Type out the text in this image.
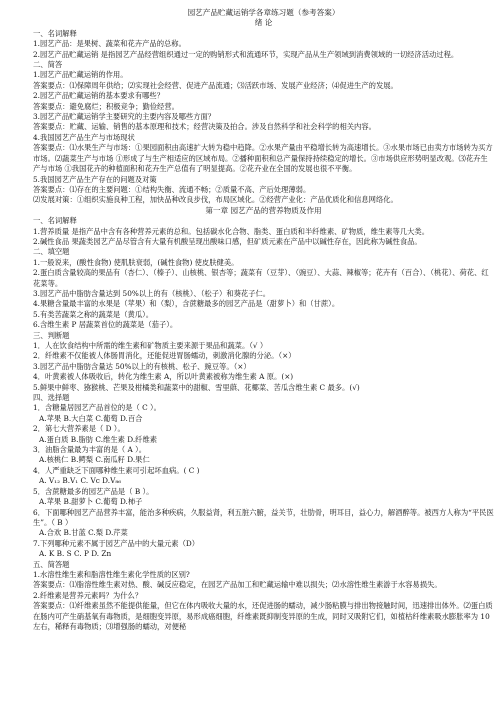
园艺产品贮藏运销学各章练习题（参考答案）
绪 论
一、名词解释
1.园艺产品：是果树、蔬菜和花卉产品的总称。
2.园艺产品贮藏运销 是指园艺产品经营组织通过一定的购销形式和流通环节，实现产品从生产领域到消费领域的一切经济活动过程。
二、简答
1.园艺产品贮藏运销的作用。
答案要点：⑴保障周年供给；⑵实现社会经营、促进产品流通；⑶活跃市场、发展产业经济；⑷促进生产的发展。
2.园艺产品贮藏运销的基本要求有哪些？
答案要点：避免腐烂；积极竞争；勤俭经营。
3.园艺产品贮藏运销学主要研究的主要内容及哪些方面？
答案要点：贮藏、运输、销售的基本原理和技术；经营决策及拍合。涉及自然科学和社会科学的相关内容。
4.我国园艺产品生产与市场现状
答案要点：⑴水果生产与市场：①果园面积由高速扩大转为稳中趋降。②水果产量由平稳增长转为高速增长。③水果市场已由卖方市场转为买方市场。⑵蔬菜生产与市场 ①形成了与生产相适应的区域布局。②播种面积和总产量保持持续稳定的增长。③市场供应形势明显改观。⑶花卉生产与市场 ①我国花卉的种植面积和花卉生产总值有了明显提高。②花卉业在全国的发展也很不平衡。
5.我国园艺产品生产存在的问题及对策
答案要点：⑴存在的主要问题：①结构失衡、流通不畅；②质量不高、产后处理薄弱。
⑵发展对策：①组织实施良种工程，加快品种改良步伐，布局区域化。②经营产业化：产品优质化和信息网络化。
第一章 园艺产品的营养物质及作用
一、名词解释
1.营养质量 是指产品中含有各种营养元素的总和。包括碳水化合物、脂类、蛋白质和半纤维素、矿物质，维生素等几大类。
2.碱性食品 果蔬类园艺产品尽管含有大量有机酸呈现出酸味口感，但矿质元素在产品中以碱性存在，因此称为碱性食品。
二、填空题
1.一般说来，(酸性食物) 使肌肤衰弱，(碱性食物) 使皮肤健美。
2.蛋白质含量较高的果品有（杏仁）、（榛子）、山核桃、银杏等；蔬菜有（豆芽）、（豌豆）、大蒜、辣椒等；花卉有（百合）、（桃花）、荷花、红花菜等。
3.园艺产品中脂肪含量达到 50%以上的有（核桃）、（松子）和葵花子仁。
4.果糖含量最丰富的水果是（苹果）和（梨），含蔗糖最多的园艺产品是（甜萝卜）和（甘蔗）。
5.有类苦蔬菜之称的蔬菜是（黄瓜）。
6.含维生素 P 居蔬菜首位的蔬菜是（茄子）。
三、判断题
1．人在饮食结构中所需的维生素和矿物质主要来源于果品和蔬菜。（√ ）
2．纤维素不仅能被人体肠胃消化，还能促进胃肠蠕动，刺激消化腺的分泌。（×）
3.园艺产品中脂肪含量达 50%以上的有核桃、松子、豌豆等。（×）
4．叶黄素被人体吸收后，转化为维生素 A，所以叶黄素被称为维生素 A 原。(×)
5.鲜果中鲜枣、猕猴桃、芒果及柑橘类和蔬菜中的甜椒、雪里蕻、花椰菜、苦瓜含维生素 C 最多。(√)
四、选择题
1．含糖量居园艺产品首位的是（ C ）。
A.苹果 B.大白菜 C.葡萄 D.百合
2．第七大营养素是（ D ）。
A.蛋白质 B.脂肪 C.维生素 D.纤维素
3．油脂含量最为丰富的是（ A ）。
A.核桃仁 B.鳄梨 C.南瓜籽 D.果仁
4．人严重缺乏下面哪种维生素可引起坏血病。( C )
A. V₁₂ B.V₁ C. Vc D.V₈₆
5．含蔗糖最多的园艺产品是（ B ）。
A.苹果 B.甜萝卜 C.葡萄 D.柿子
6．下面哪种园艺产品营养丰富，能治多种疾病，久服益肾，利五脏六腑，益关节，壮肋骨，明耳目，益心力，解酒醉等。被西方人称为“平民医生”。（ B ）
A.合欢 B.甘蓝 C.梨 D.芹菜
7.下列哪种元素不属于园艺产品中的大量元素（D）
A. K B. S C. P D. Zn
五、简答题
1.水溶性维生素和脂溶性维生素化学性质的区别?
答案要点：⑴脂溶性维生素对热、酸、碱反应稳定，在园艺产品加工和贮藏运输中难以损失；⑵水溶性维生素游于水容易损失。
2.纤维素是营养元素吗？为什么？
答案要点：⑴纤维素虽然不能提供能量，但它在体内吸收大量的水，还促进肠的蠕动，减少肠粘膜与排出物接触时间，迅速排出体外。⑵蛋白质在肠内可产生硝基氧有毒物质，是细胞变异原，易形成癌细胞，纤维素既抑制变异原的生成，同时又吸附它们，如植枯纤维素吸水膨胀率为 10 左右，稀释有毒物质；⑶增强肠的蠕动，对便秘
